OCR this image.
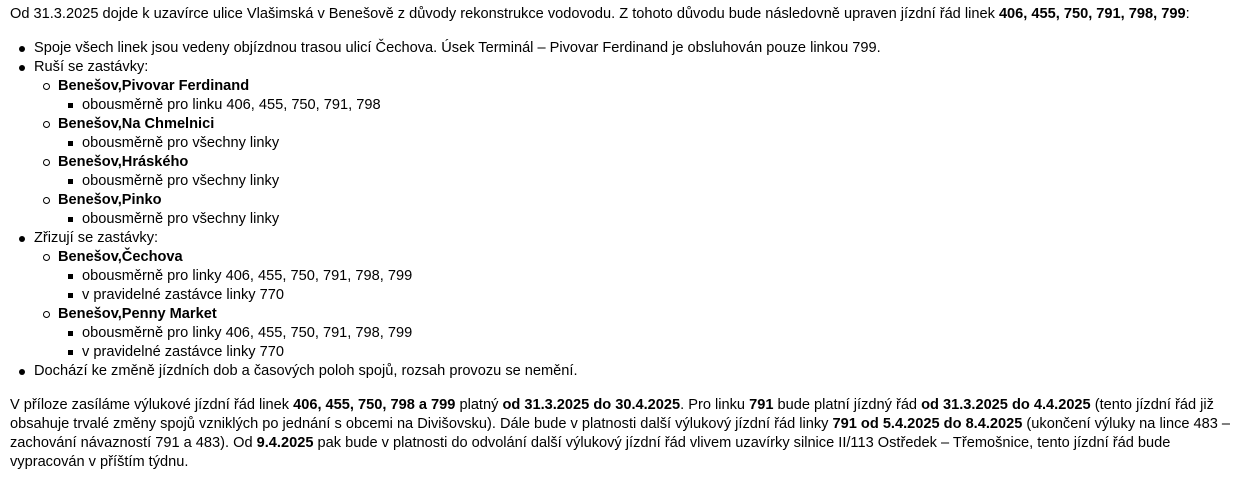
Od 31.3.2025 dojde k uzavírce ulice Vlašimská v Benešově z důvody rekonstrukce vodovodu. Z tohoto důvodu bude následovně upraven jízdní řád linek 406, 455, 750, 791, 798, 799:

Spoje všech linek jsou vedeny objízdnou trasou ulicí Čechova. Úsek Terminál – Pivovar Ferdinand je obsluhován pouze linkou 799.
Ruší se zastávky:
Benešov,Pivovar Ferdinand
obousměrně pro linku 406, 455, 750, 791, 798
Benešov,Na Chmelnici
obousměrně pro všechny linky
Benešov,Hráského
obousměrně pro všechny linky
Benešov,Pinko
obousměrně pro všechny linky
Zřizují se zastávky:
Benešov,Čechova
obousměrně pro linky 406, 455, 750, 791, 798, 799
v pravidelné zastávce linky 770
Benešov,Penny Market
obousměrně pro linky 406, 455, 750, 791, 798, 799
v pravidelné zastávce linky 770
Dochází ke změně jízdních dob a časových poloh spojů, rozsah provozu se nemění.

V příloze zasíláme výlukové jízdní řád linek 406, 455, 750, 798 a 799 platný od 31.3.2025 do 30.4.2025. Pro linku 791 bude platní jízdný řád od 31.3.2025 do 4.4.2025 (tento jízdní řád již obsahuje trvalé změny spojů vzniklých po jednání s obcemi na Divišovsku). Dále bude v platnosti další výlukový jízdní řád linky 791 od 5.4.2025 do 8.4.2025 (ukončení výluky na lince 483 – zachování návazností 791 a 483). Od 9.4.2025 pak bude v platnosti do odvolání další výlukový jízdní řád vlivem uzavírky silnice II/113 Ostředek – Třemošnice, tento jízdní řád bude vypracován v příštím týdnu.
